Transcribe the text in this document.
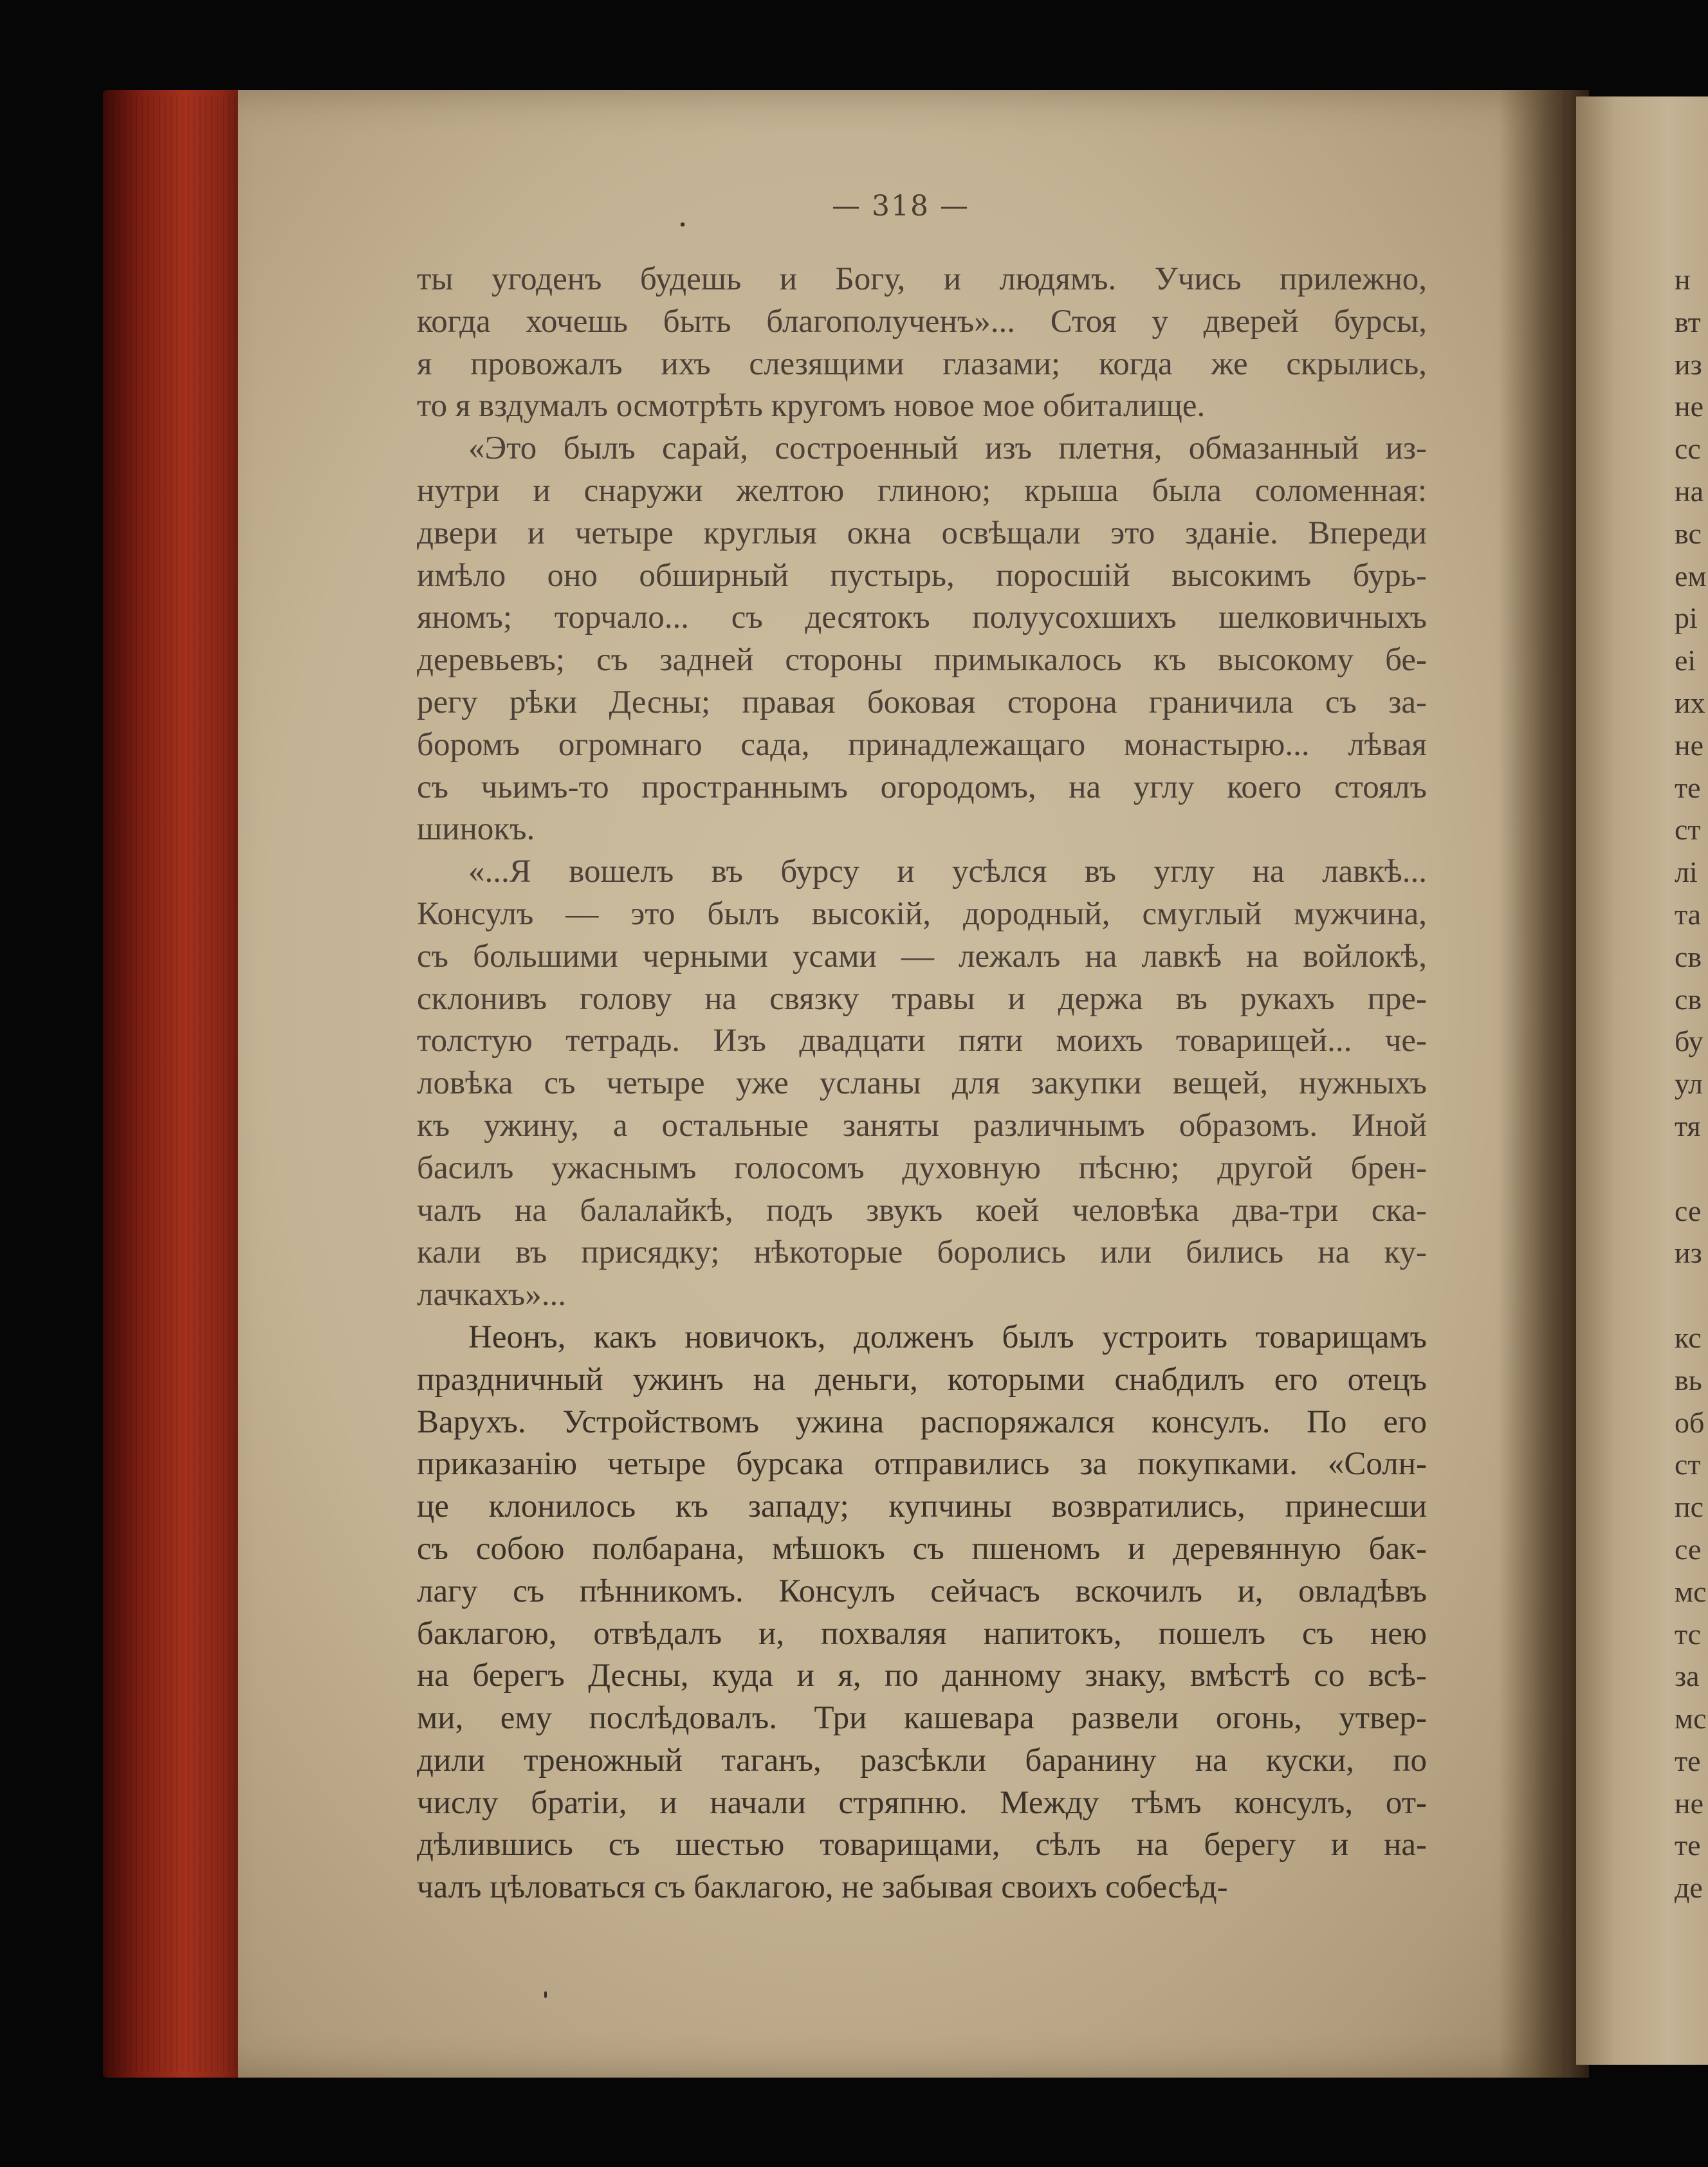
— 318 —
ты угоденъ будешь и Богу, и людямъ. Учись прилежно,
когда хочешь быть благополученъ»... Стоя у дверей бурсы,
я провожалъ ихъ слезящими глазами; когда же скрылись,
то я вздумалъ осмотрѣть кругомъ новое мое обиталище.
«Это былъ сарай, состроенный изъ плетня, обмазанный из-
нутри и снаружи желтою глиною; крыша была соломенная:
двери и четыре круглыя окна освѣщали это зданіе. Впереди
имѣло оно обширный пустырь, поросшій высокимъ бурь-
яномъ; торчало... съ десятокъ полуусохшихъ шелковичныхъ
деревьевъ; съ задней стороны примыкалось къ высокому бе-
регу рѣки Десны; правая боковая сторона граничила съ за-
боромъ огромнаго сада, принадлежащаго монастырю... лѣвая
съ чьимъ-то пространнымъ огородомъ, на углу коего стоялъ
шинокъ.
«...Я вошелъ въ бурсу и усѣлся въ углу на лавкѣ...
Консулъ — это былъ высокій, дородный, смуглый мужчина,
съ большими черными усами — лежалъ на лавкѣ на войлокѣ,
склонивъ голову на связку травы и держа въ рукахъ пре-
толстую тетрадь. Изъ двадцати пяти моихъ товарищей... че-
ловѣка съ четыре уже усланы для закупки вещей, нужныхъ
къ ужину, а остальные заняты различнымъ образомъ. Иной
басилъ ужаснымъ голосомъ духовную пѣсню; другой брен-
чалъ на балалайкѣ, подъ звукъ коей человѣка два-три ска-
кали въ присядку; нѣкоторые боролись или бились на ку-
лачкахъ»...
Неонъ, какъ новичокъ, долженъ былъ устроить товарищамъ
праздничный ужинъ на деньги, которыми снабдилъ его отецъ
Варухъ. Устройствомъ ужина распоряжался консулъ. По его
приказанію четыре бурсака отправились за покупками. «Солн-
це клонилось къ западу; купчины возвратились, принесши
съ собою полбарана, мѣшокъ съ пшеномъ и деревянную бак-
лагу съ пѣнникомъ. Консулъ сейчасъ вскочилъ и, овладѣвъ
баклагою, отвѣдалъ и, похваляя напитокъ, пошелъ съ нею
на берегъ Десны, куда и я, по данному знаку, вмѣстѣ со всѣ-
ми, ему послѣдовалъ. Три кашевара развели огонь, утвер-
дили треножный таганъ, разсѣкли баранину на куски, по
числу братіи, и начали стряпню. Между тѣмъ консулъ, от-
дѣлившись съ шестью товарищами, сѣлъ на берегу и на-
чалъ цѣловаться съ баклагою, не забывая своихъ собесѣд-
н
вт
из
не
сс
на
вс
ем
рі
еі
их
не
те
ст
лі
та
св
св
бу
ул
тя
се
из
кс
вь
об
ст
пс
се
мс
тс
за
мс
те
не
те
де
